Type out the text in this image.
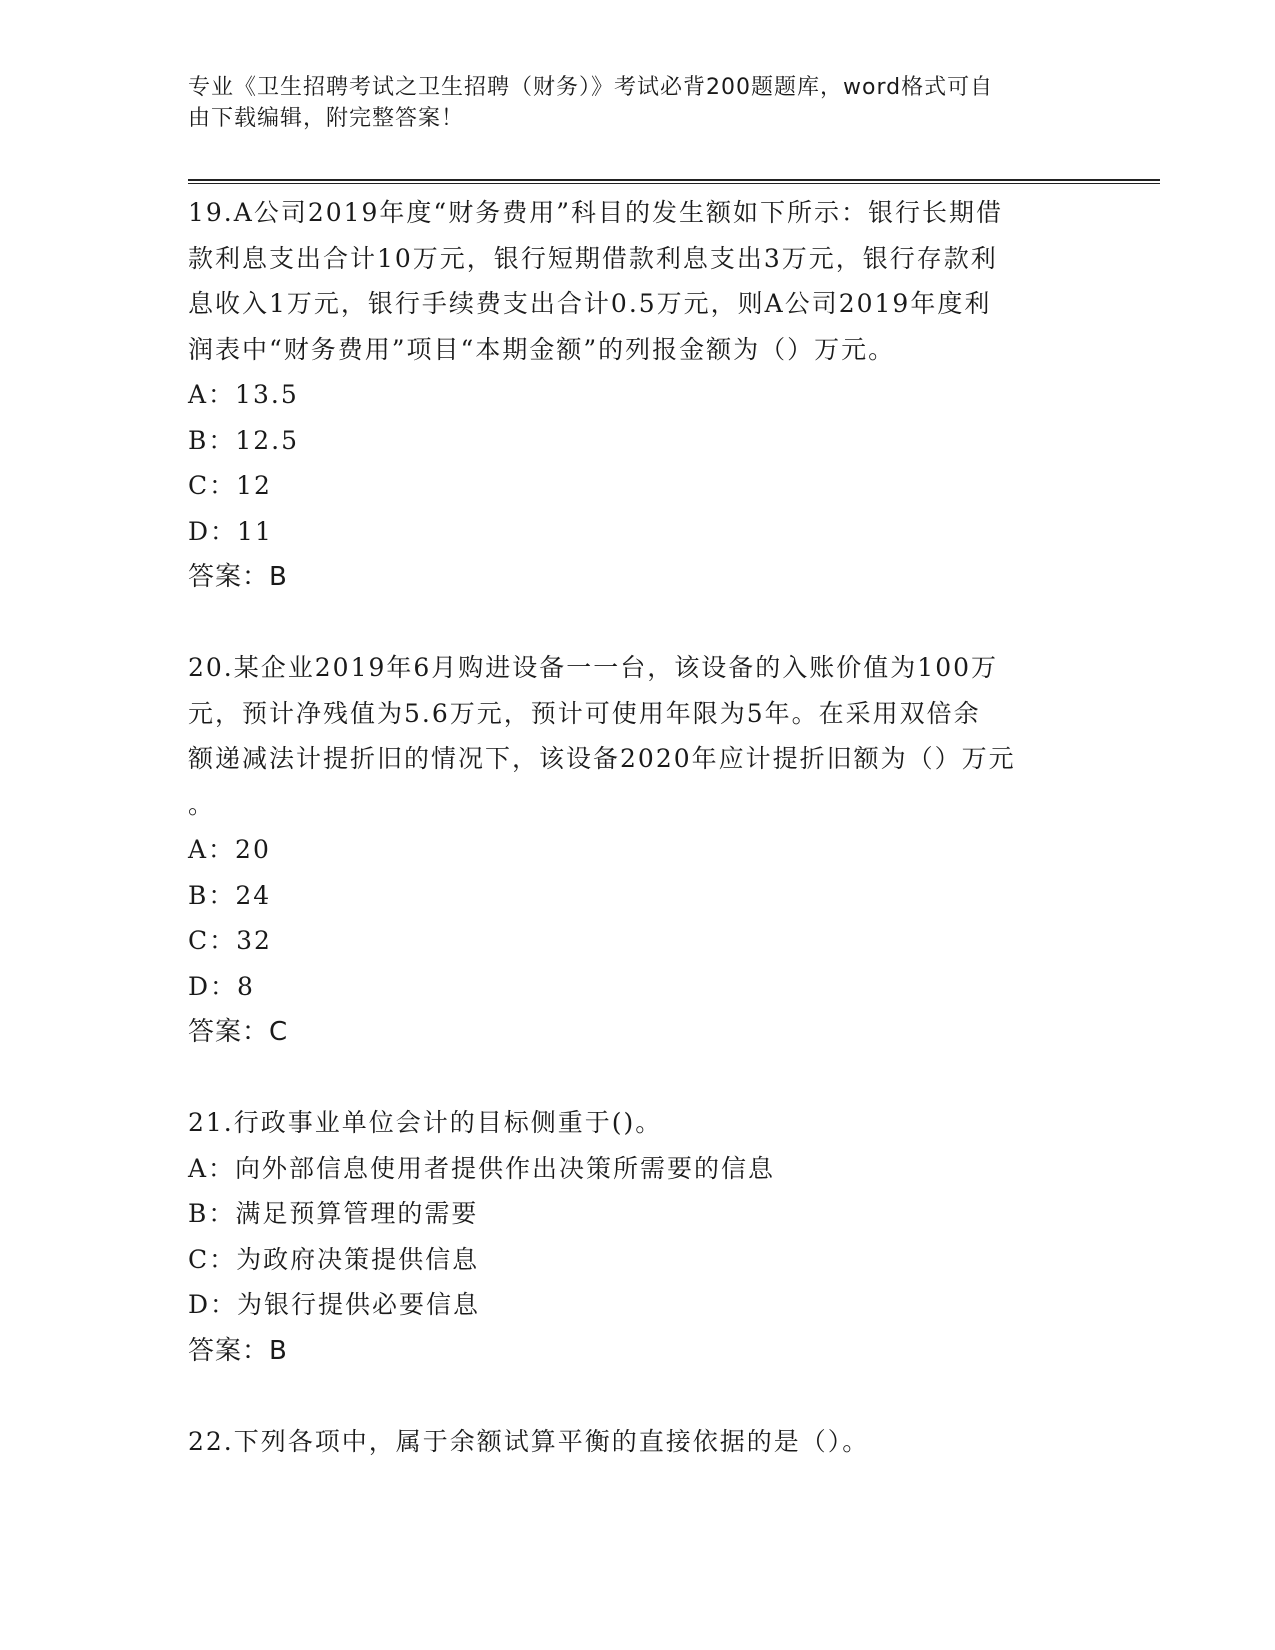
专业《卫生招聘考试之卫生招聘（财务）》考试必背200题题库，word格式可自
由下载编辑，附完整答案！

19.A公司2019年度“财务费用”科目的发生额如下所示：银行长期借

款利息支出合计10万元，银行短期借款利息支出3万元，银行存款利

息收入1万元，银行手续费支出合计0.5万元，则A公司2019年度利

润表中“财务费用”项目“本期金额”的列报金额为（）万元。

A：13.5

B：12.5

C：12

D：11

答案：B

20.某企业2019年6月购进设备一一台，该设备的入账价值为100万

元，预计净残值为5.6万元，预计可使用年限为5年。在采用双倍余

额递减法计提折旧的情况下，该设备2020年应计提折旧额为（）万元

。

A：20

B：24

C：32

D：8

答案：C

21.行政事业单位会计的目标侧重于()。

A：向外部信息使用者提供作出决策所需要的信息

B：满足预算管理的需要

C：为政府决策提供信息

D：为银行提供必要信息

答案：B

22.下列各项中，属于余额试算平衡的直接依据的是（）。
